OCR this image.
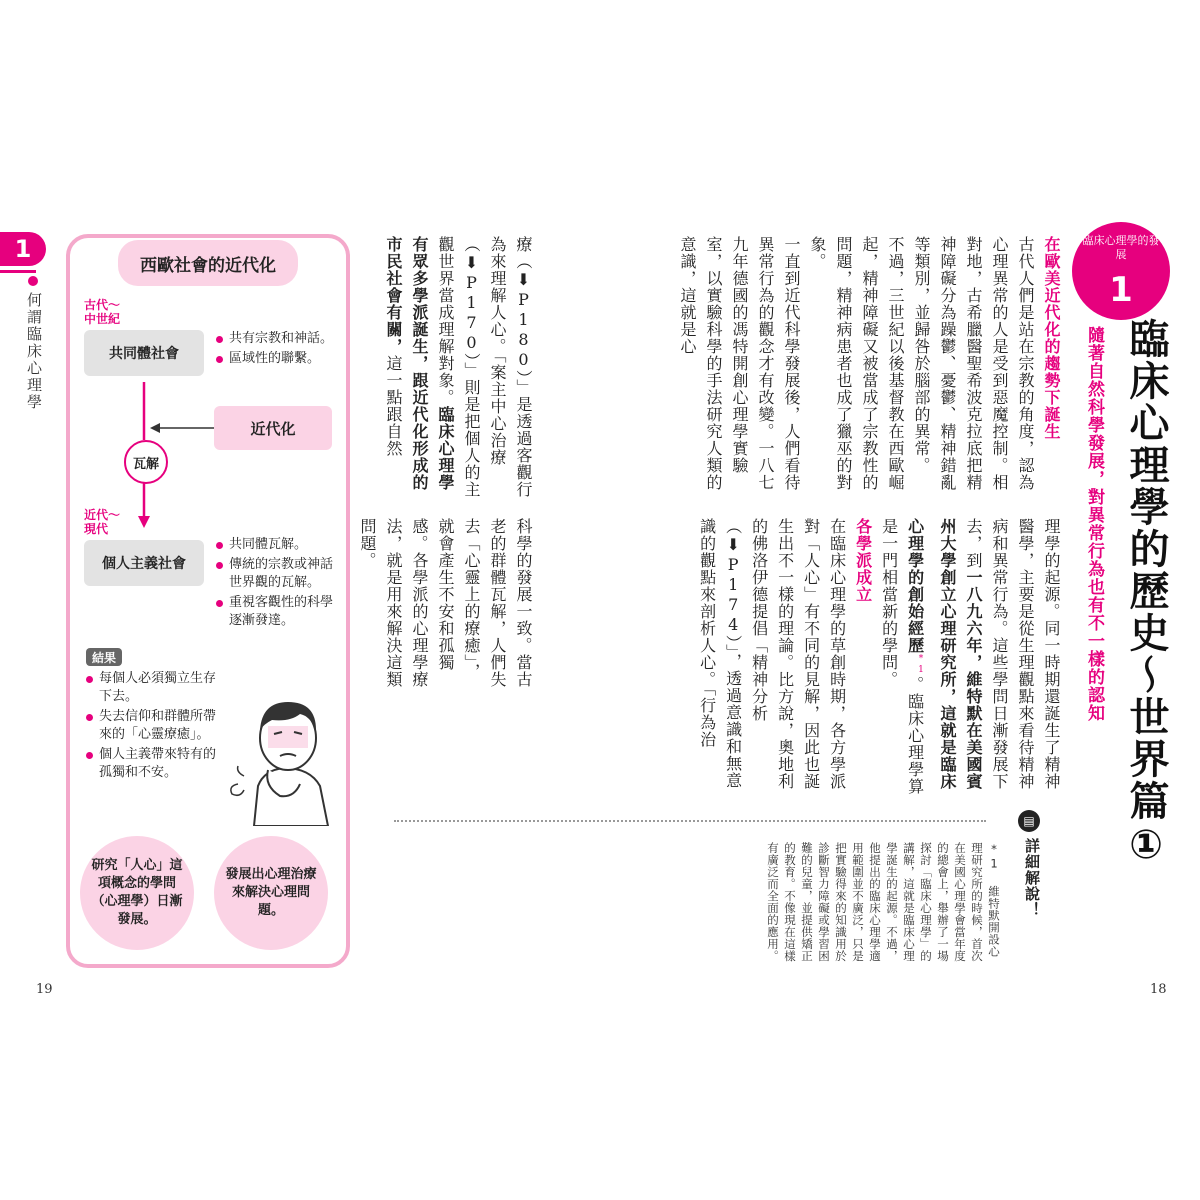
1
何謂臨床心理學
西歐社會的近代化
古代～
中世紀
共同體社會
共有宗教和神話。
區域性的聯繫。
近代化
瓦解
近代～
現代
個人主義社會
共同體瓦解。
傳統的宗教或神話世界觀的瓦解。
重視客觀性的科學逐漸發達。
結果
每個人必須獨立生存下去。
失去信仰和群體所帶來的「心靈療癒」。
個人主義帶來特有的孤獨和不安。
研究「人心」這項概念的學問（心理學）日漸發展。
發展出心理治療來解決心理問題。
療（⬇P180）」是透過客觀行為來理解人心。「案主中心治療（⬇P170）」則是把個人的主觀世界當成理解對象。臨床心理學有眾多學派誕生，跟近代化形成的市民社會有關，這一點跟自然
科學的發展一致。當古老的群體瓦解，人們失去「心靈上的療癒」，就會產生不安和孤獨感。各學派的心理學療法，就是用來解決這類問題。
19
臨床心理學的發展
1
臨床心理學的歷史～世界篇①
隨著自然科學發展，對異常行為也有不一樣的認知
在歐美近代化的趨勢下誕生
古代人們是站在宗教的角度，認為心理異常的人是受到惡魔控制。相對地，古希臘醫聖希波克拉底把精神障礙分為躁鬱、憂鬱、精神錯亂等類別，並歸咎於腦部的異常。
不過，三世紀以後基督教在西歐崛起，精神障礙又被當成了宗教性的問題，精神病患者也成了獵巫的對象。
一直到近代科學發展後，人們看待異常行為的觀念才有改變。一八七九年德國的馮特開創心理學實驗室，以實驗科學的手法研究人類的意識，這就是心
理學的起源。同一時期還誕生了精神醫學，主要是從生理觀點來看待精神病和異常行為。這些學問日漸發展下去，到一八九六年，維特默在美國賓州大學創立心理研究所，這就是臨床心理學的創始經歷$^{*1}$。臨床心理學算是一門相當新的學問。
各學派成立
在臨床心理學的草創時期，各方學派對「人心」有不同的見解，因此也誕生出不一樣的理論。比方說，奧地利的佛洛伊德提倡「精神分析（⬇P174）」，透過意識和無意識的觀點來剖析人心。「行為治
▤
詳細解說！
*1 維特默開設心理研究所的時候，首次在美國心理學會當年度的總會上，舉辦了一場探討「臨床心理學」的講解，這就是臨床心理學誕生的起源。不過，他提出的臨床心理學適用範圍並不廣泛，只是把實驗得來的知識用於診斷智力障礙或學習困難的兒童，並提供矯正的教育。不像現在這樣有廣泛而全面的應用。
18
